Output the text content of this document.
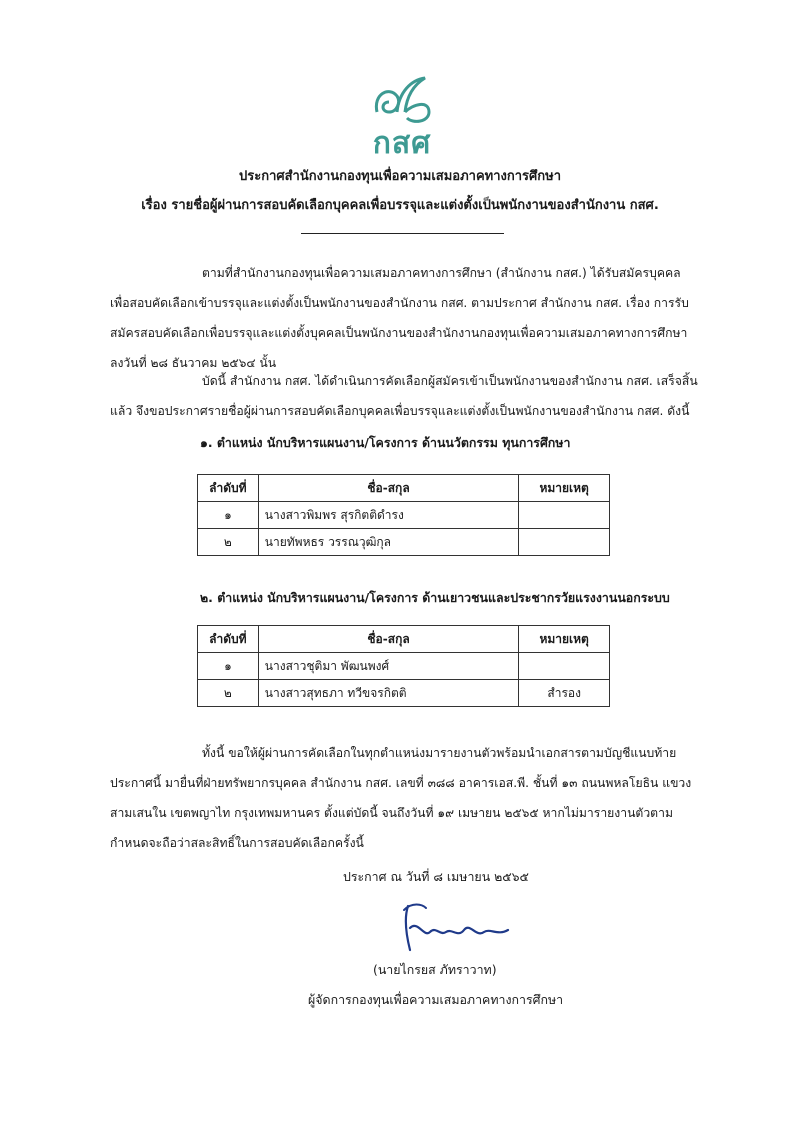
กสศ
ประกาศสำนักงานกองทุนเพื่อความเสมอภาคทางการศึกษา
เรื่อง รายชื่อผู้ผ่านการสอบคัดเลือกบุคคลเพื่อบรรจุและแต่งตั้งเป็นพนักงานของสำนักงาน กสศ.
ตามที่สำนักงานกองทุนเพื่อความเสมอภาคทางการศึกษา (สำนักงาน กสศ.) ได้รับสมัครบุคคลเพื่อสอบคัดเลือกเข้าบรรจุและแต่งตั้งเป็นพนักงานของสำนักงาน กสศ. ตามประกาศ สำนักงาน กสศ. เรื่อง การรับสมัครสอบคัดเลือกเพื่อบรรจุและแต่งตั้งบุคคลเป็นพนักงานของสำนักงานกองทุนเพื่อความเสมอภาคทางการศึกษา ลงวันที่ ๒๘ ธันวาคม ๒๕๖๔ นั้น
บัดนี้ สำนักงาน กสศ. ได้ดำเนินการคัดเลือกผู้สมัครเข้าเป็นพนักงานของสำนักงาน กสศ. เสร็จสิ้นแล้ว จึงขอประกาศรายชื่อผู้ผ่านการสอบคัดเลือกบุคคลเพื่อบรรจุและแต่งตั้งเป็นพนักงานของสำนักงาน กสศ. ดังนี้
๑. ตำแหน่ง นักบริหารแผนงาน/โครงการ ด้านนวัตกรรม ทุนการศึกษา
ลำดับที่	ชื่อ-สกุล	หมายเหตุ
๑	นางสาวพิมพร สุรกิตติดำรง	
๒	นายทัพหธร วรรณวุฒิกุล	
๒. ตำแหน่ง นักบริหารแผนงาน/โครงการ ด้านเยาวชนและประชากรวัยแรงงานนอกระบบ
ลำดับที่	ชื่อ-สกุล	หมายเหตุ
๑	นางสาวชุติมา พัฒนพงศ์	
๒	นางสาวสุทธภา ทวีขจรกิตติ	สำรอง
ทั้งนี้ ขอให้ผู้ผ่านการคัดเลือกในทุกตำแหน่งมารายงานตัวพร้อมนำเอกสารตามบัญชีแนบท้ายประกาศนี้ มายื่นที่ฝ่ายทรัพยากรบุคคล สำนักงาน กสศ. เลขที่ ๓๘๘ อาคารเอส.พี. ชั้นที่ ๑๓ ถนนพหลโยธิน แขวงสามเสนใน เขตพญาไท กรุงเทพมหานคร ตั้งแต่บัดนี้ จนถึงวันที่ ๑๙ เมษายน ๒๕๖๕ หากไม่มารายงานตัวตามกำหนดจะถือว่าสละสิทธิ์ในการสอบคัดเลือกครั้งนี้
ประกาศ ณ วันที่ ๘ เมษายน ๒๕๖๕
(นายไกรยส ภัทราวาท)
ผู้จัดการกองทุนเพื่อความเสมอภาคทางการศึกษา
